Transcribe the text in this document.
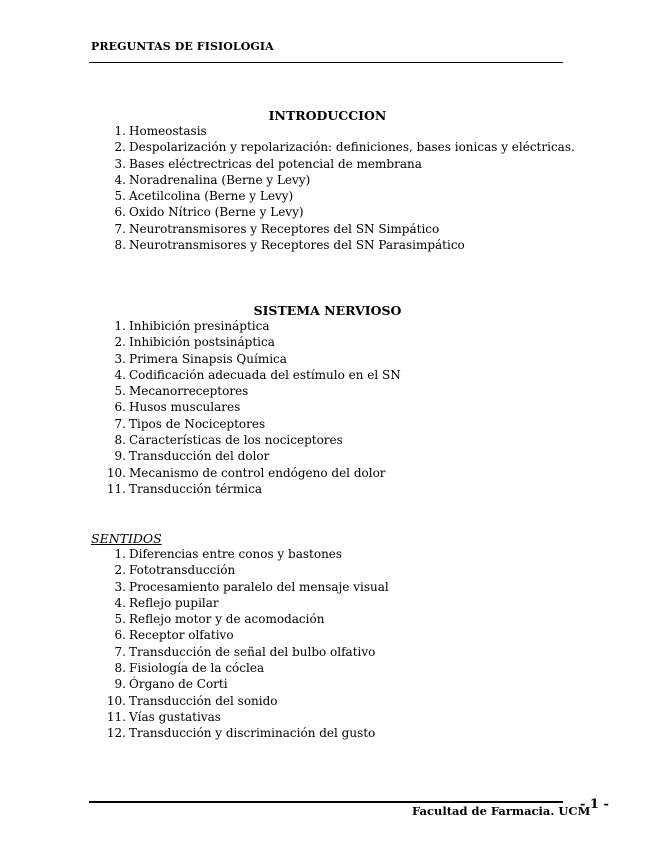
PREGUNTAS DE FISIOLOGIA
INTRODUCCION
1. Homeostasis
2. Despolarización y repolarización: definiciones, bases ionicas y eléctricas.
3. Bases eléctrectricas del potencial de membrana
4. Noradrenalina (Berne y Levy)
5. Acetilcolina (Berne y Levy)
6. Oxido Nítrico (Berne y Levy)
7. Neurotransmisores y Receptores del SN Simpático
8. Neurotransmisores y Receptores del SN Parasimpático
SISTEMA NERVIOSO
1. Inhibición presináptica
2. Inhibición postsináptica
3. Primera Sinapsis Química
4. Codificación adecuada del estímulo en el SN
5. Mecanorreceptores
6. Husos musculares
7. Tipos de Nociceptores
8. Características de los nociceptores
9. Transducción del dolor
10. Mecanismo de control endógeno del dolor
11. Transducción térmica
SENTIDOS
1. Diferencias entre conos y bastones
2. Fototransducción
3. Procesamiento paralelo del mensaje visual
4. Reflejo pupilar
5. Reflejo motor y de acomodación
6. Receptor olfativo
7. Transducción de señal del bulbo olfativo
8. Fisiología de la cóclea
9. Órgano de Corti
10. Transducción del sonido
11. Vías gustativas
12. Transducción y discriminación del gusto
Facultad de Farmacia. UCM
- 1 -
